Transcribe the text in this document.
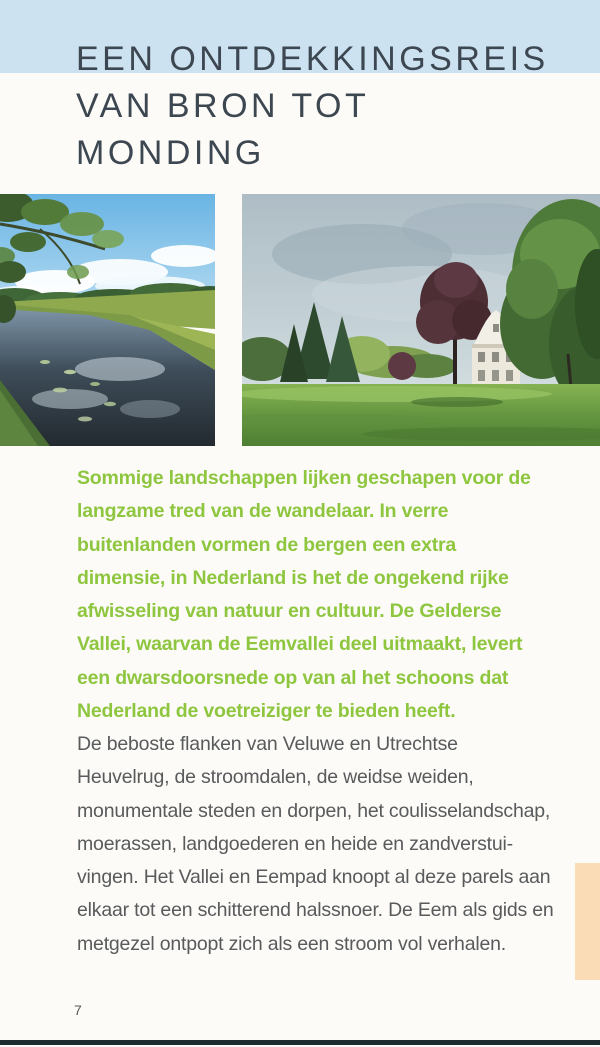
EEN ONTDEKKINGSREIS
VAN BRON TOT
MONDING
Sommige landschappen lijken geschapen voor de
langzame tred van de wandelaar. In verre
buitenlanden vormen de bergen een extra
dimensie, in Nederland is het de ongekend rijke
afwisseling van natuur en cultuur. De Gelderse
Vallei, waarvan de Eemvallei deel uitmaakt, levert
een dwarsdoorsnede op van al het schoons dat
Nederland de voetreiziger te bieden heeft.
De beboste flanken van Veluwe en Utrechtse
Heuvelrug, de stroomdalen, de weidse weiden,
monumentale steden en dorpen, het coulisselandschap,
moerassen, landgoederen en heide en zandverstui-
vingen. Het Vallei en Eempad knoopt al deze parels aan
elkaar tot een schitterend halssnoer. De Eem als gids en
metgezel ontpopt zich als een stroom vol verhalen.
7
